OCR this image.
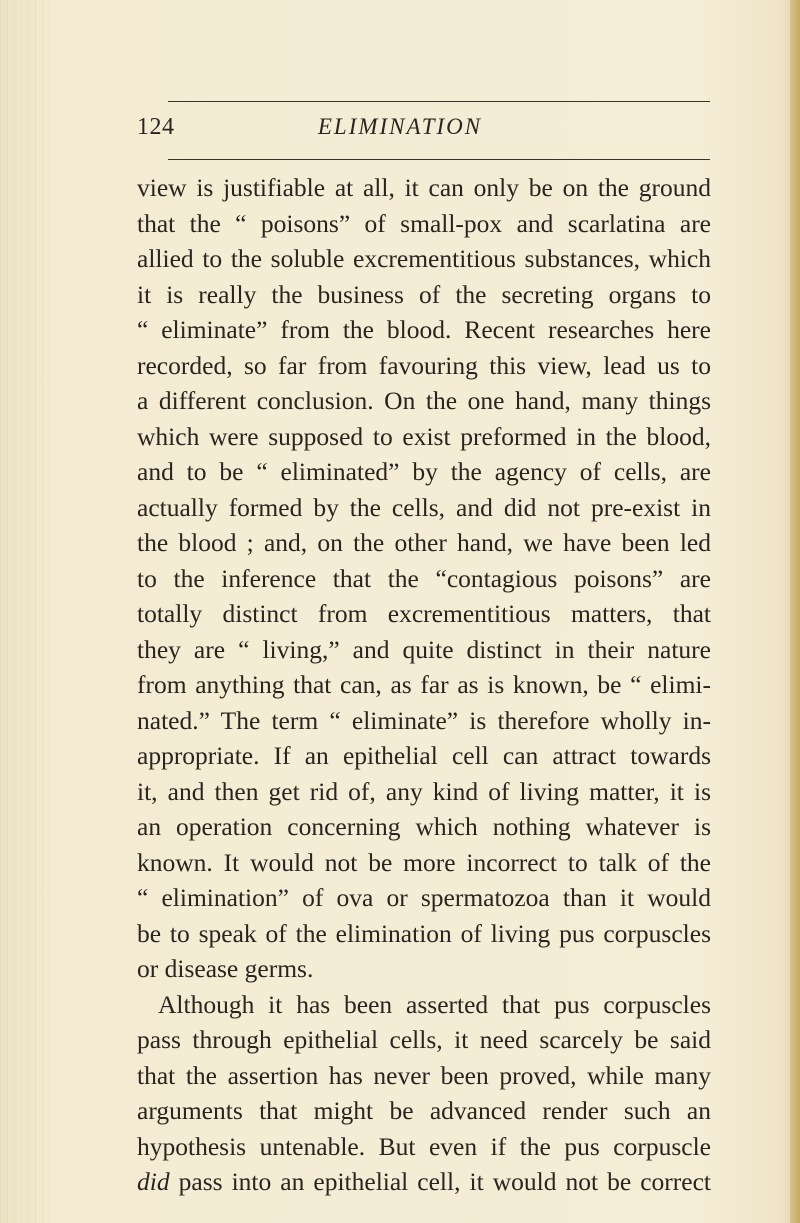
124	ELIMINATION
view is justifiable at all, it can only be on the ground
that the “ poisons” of small-pox and scarlatina are
allied to the soluble excrementitious substances, which
it is really the business of the secreting organs to
“ eliminate” from the blood. Recent researches here
recorded, so far from favouring this view, lead us to
a different conclusion. On the one hand, many things
which were supposed to exist preformed in the blood,
and to be “ eliminated” by the agency of cells, are
actually formed by the cells, and did not pre-exist in
the blood ; and, on the other hand, we have been led
to the inference that the “contagious poisons” are
totally distinct from excrementitious matters, that
they are “ living,” and quite distinct in their nature
from anything that can, as far as is known, be “ elimi-
nated.” The term “ eliminate” is therefore wholly in-
appropriate. If an epithelial cell can attract towards
it, and then get rid of, any kind of living matter, it is
an operation concerning which nothing whatever is
known. It would not be more incorrect to talk of the
“ elimination” of ova or spermatozoa than it would
be to speak of the elimination of living pus corpuscles
or disease germs.
Although it has been asserted that pus corpuscles
pass through epithelial cells, it need scarcely be said
that the assertion has never been proved, while many
arguments that might be advanced render such an
hypothesis untenable. But even if the pus corpuscle
did pass into an epithelial cell, it would not be correct
